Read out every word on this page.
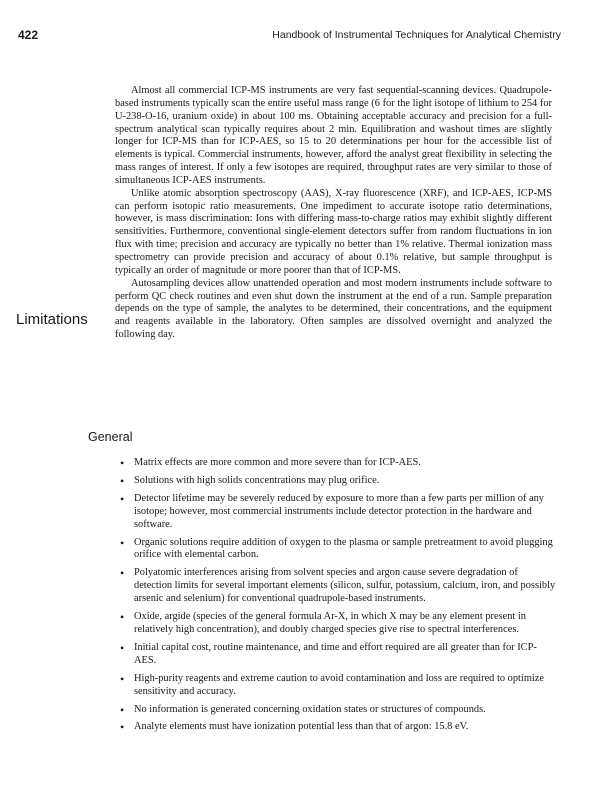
422	Handbook of Instrumental Techniques for Analytical Chemistry

Almost all commercial ICP-MS instruments are very fast sequential-scanning devices. Quadrupole-based instruments typically scan the entire useful mass range (6 for the light isotope of lithium to 254 for U-238-O-16, uranium oxide) in about 100 ms. Obtaining acceptable accuracy and precision for a full-spectrum analytical scan typically requires about 2 min. Equilibration and washout times are slightly longer for ICP-MS than for ICP-AES, so 15 to 20 determinations per hour for the accessible list of elements is typical. Commercial instruments, however, afford the analyst great flexibility in selecting the mass ranges of interest. If only a few isotopes are required, throughput rates are very similar to those of simultaneous ICP-AES instruments.

Unlike atomic absorption spectroscopy (AAS), X-ray fluorescence (XRF), and ICP-AES, ICP-MS can perform isotopic ratio measurements. One impediment to accurate isotope ratio determinations, however, is mass discrimination: Ions with differing mass-to-charge ratios may exhibit slightly different sensitivities. Furthermore, conventional single-element detectors suffer from random fluctuations in ion flux with time; precision and accuracy are typically no better than 1% relative. Thermal ionization mass spectrometry can provide precision and accuracy of about 0.1% relative, but sample throughput is typically an order of magnitude or more poorer than that of ICP-MS.

Autosampling devices allow unattended operation and most modern instruments include software to perform QC check routines and even shut down the instrument at the end of a run. Sample preparation depends on the type of sample, the analytes to be determined, their concentrations, and the equipment and reagents available in the laboratory. Often samples are dissolved overnight and analyzed the following day.

Limitations
General
• Matrix effects are more common and more severe than for ICP-AES.
• Solutions with high solids concentrations may plug orifice.
• Detector lifetime may be severely reduced by exposure to more than a few parts per million of any isotope; however, most commercial instruments include detector protection in the hardware and software.
• Organic solutions require addition of oxygen to the plasma or sample pretreatment to avoid plugging orifice with elemental carbon.
• Polyatomic interferences arising from solvent species and argon cause severe degradation of detection limits for several important elements (silicon, sulfur, potassium, calcium, iron, and possibly arsenic and selenium) for conventional quadrupole-based instruments.
• Oxide, argide (species of the general formula Ar-X, in which X may be any element present in relatively high concentration), and doubly charged species give rise to spectral interferences.
• Initial capital cost, routine maintenance, and time and effort required are all greater than for ICP-AES.
• High-purity reagents and extreme caution to avoid contamination and loss are required to optimize sensitivity and accuracy.
• No information is generated concerning oxidation states or structures of compounds.
• Analyte elements must have ionization potential less than that of argon: 15.8 eV.
